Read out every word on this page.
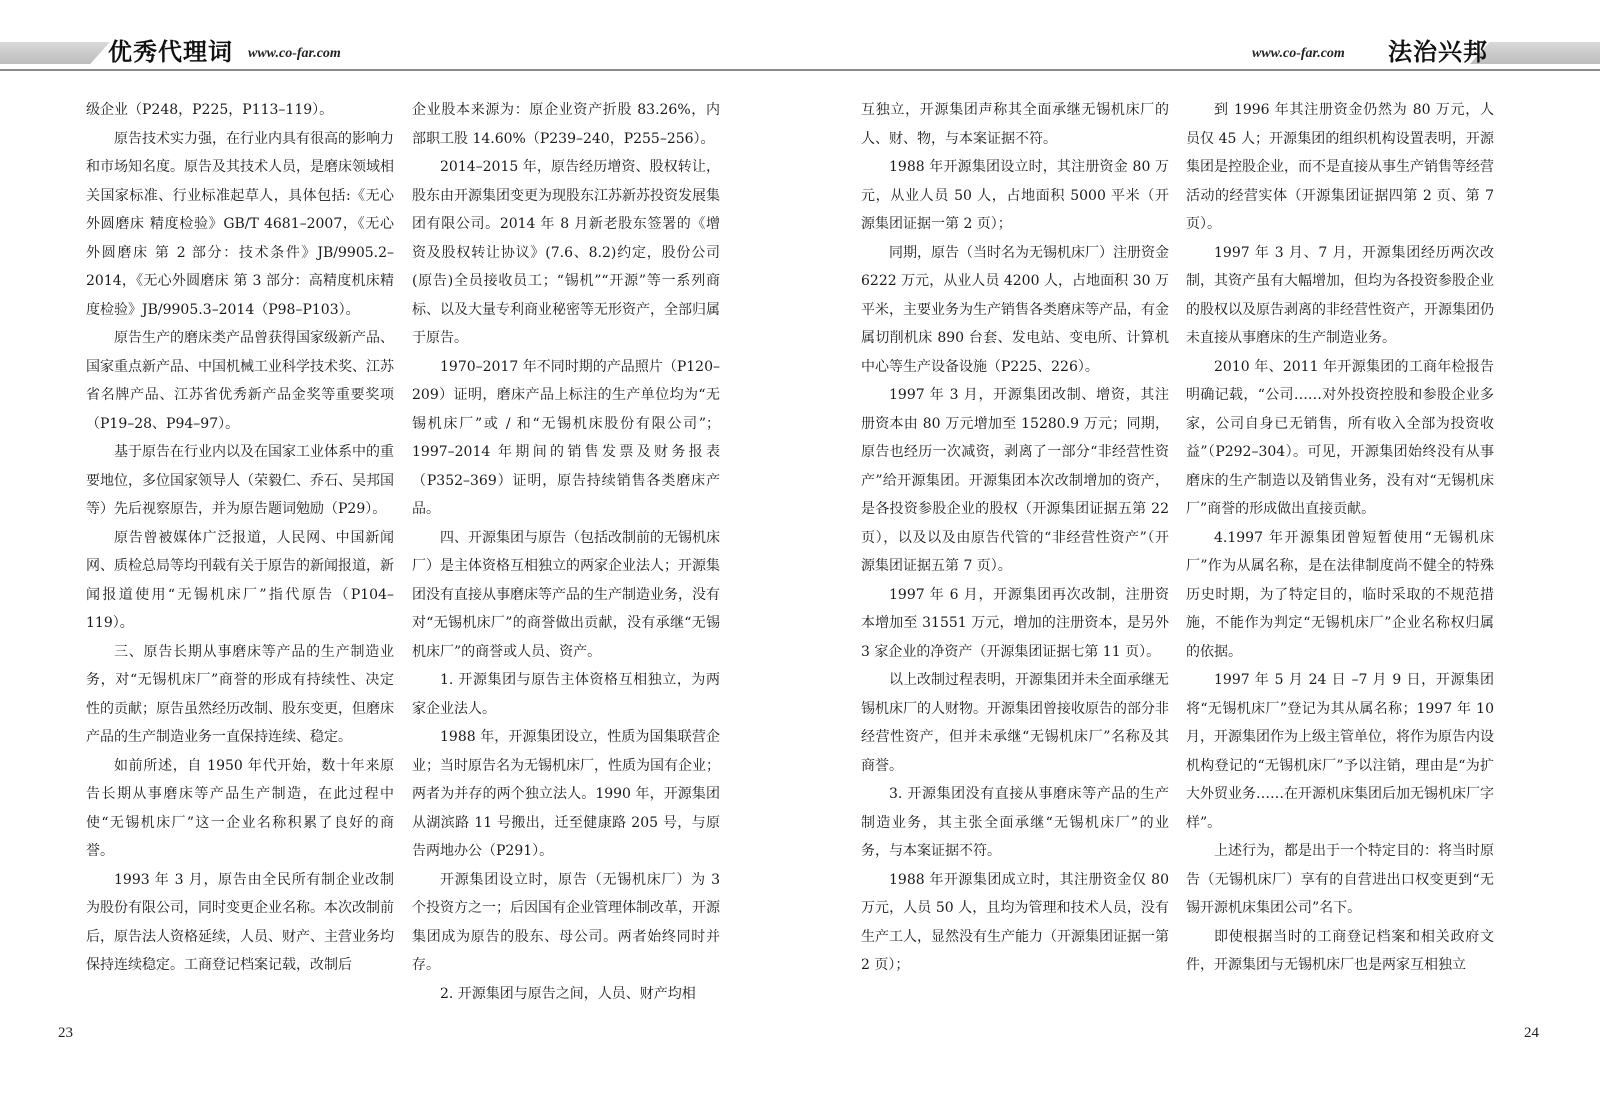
优秀代理词 www.co-far.com

级企业（P248，P225，P113–119）。

原告技术实力强，在行业内具有很高的影响力和市场知名度。原告及其技术人员，是磨床领域相关国家标准、行业标准起草人，具体包括:《无心外圆磨床 精度检验》GB/T 4681–2007，《无心外圆磨床 第 2 部分：技术条件》JB/9905.2–2014，《无心外圆磨床 第 3 部分：高精度机床精度检验》JB/9905.3–2014（P98–P103）。

原告生产的磨床类产品曾获得国家级新产品、国家重点新产品、中国机械工业科学技术奖、江苏省名牌产品、江苏省优秀新产品金奖等重要奖项（P19–28、P94–97）。

基于原告在行业内以及在国家工业体系中的重要地位，多位国家领导人（荣毅仁、乔石、吴邦国等）先后视察原告，并为原告题词勉励（P29）。

原告曾被媒体广泛报道，人民网、中国新闻网、质检总局等均刊载有关于原告的新闻报道，新闻报道使用“无锡机床厂”指代原告（P104–119）。

三、原告长期从事磨床等产品的生产制造业务，对“无锡机床厂”商誉的形成有持续性、决定性的贡献；原告虽然经历改制、股东变更，但磨床产品的生产制造业务一直保持连续、稳定。

如前所述，自 1950 年代开始，数十年来原告长期从事磨床等产品生产制造，在此过程中使“无锡机床厂”这一企业名称积累了良好的商誉。

1993 年 3 月，原告由全民所有制企业改制为股份有限公司，同时变更企业名称。本次改制前后，原告法人资格延续，人员、财产、主营业务均保持连续稳定。工商登记档案记载，改制后

企业股本来源为：原企业资产折股 83.26%，内部职工股 14.60%（P239–240，P255–256）。

2014–2015 年，原告经历增资、股权转让，股东由开源集团变更为现股东江苏新苏投资发展集团有限公司。2014 年 8 月新老股东签署的《增资及股权转让协议》(7.6、8.2)约定，股份公司(原告)全员接收员工；“锡机”“开源”等一系列商标、以及大量专利商业秘密等无形资产，全部归属于原告。

1970–2017 年不同时期的产品照片（P120–209）证明，磨床产品上标注的生产单位均为“无锡机床厂”或 / 和“无锡机床股份有限公司”；1997–2014 年期间的销售发票及财务报表（P352–369）证明，原告持续销售各类磨床产品。

四、开源集团与原告（包括改制前的无锡机床厂）是主体资格互相独立的两家企业法人；开源集团没有直接从事磨床等产品的生产制造业务，没有对“无锡机床厂”的商誉做出贡献，没有承继“无锡机床厂”的商誉或人员、资产。

1. 开源集团与原告主体资格互相独立，为两家企业法人。

1988 年，开源集团设立，性质为国集联营企业；当时原告名为无锡机床厂，性质为国有企业；两者为并存的两个独立法人。1990 年，开源集团从湖滨路 11 号搬出，迁至健康路 205 号，与原告两地办公（P291）。

开源集团设立时，原告（无锡机床厂）为 3 个投资方之一；后因国有企业管理体制改革，开源集团成为原告的股东、母公司。两者始终同时并存。

2. 开源集团与原告之间，人员、财产均相

23
www.co-far.com 法治兴邦

互独立，开源集团声称其全面承继无锡机床厂的人、财、物，与本案证据不符。

1988 年开源集团设立时，其注册资金 80 万元，从业人员 50 人，占地面积 5000 平米（开源集团证据一第 2 页）；

同期，原告（当时名为无锡机床厂）注册资金 6222 万元，从业人员 4200 人，占地面积 30 万平米，主要业务为生产销售各类磨床等产品，有金属切削机床 890 台套、发电站、变电所、计算机中心等生产设备设施（P225、226）。

1997 年 3 月，开源集团改制、增资，其注册资本由 80 万元增加至 15280.9 万元；同期，原告也经历一次减资，剥离了一部分“非经营性资产”给开源集团。开源集团本次改制增加的资产，是各投资参股企业的股权（开源集团证据五第 22 页），以及以及由原告代管的“非经营性资产”（开源集团证据五第 7 页）。

1997 年 6 月，开源集团再次改制，注册资本增加至 31551 万元，增加的注册资本，是另外 3 家企业的净资产（开源集团证据七第 11 页）。

以上改制过程表明，开源集团并未全面承继无锡机床厂的人财物。开源集团曾接收原告的部分非经营性资产，但并未承继“无锡机床厂”名称及其商誉。

3. 开源集团没有直接从事磨床等产品的生产制造业务，其主张全面承继“无锡机床厂”的业务，与本案证据不符。

1988 年开源集团成立时，其注册资金仅 80 万元，人员 50 人，且均为管理和技术人员，没有生产工人，显然没有生产能力（开源集团证据一第 2 页）；

到 1996 年其注册资金仍然为 80 万元，人员仅 45 人；开源集团的组织机构设置表明，开源集团是控股企业，而不是直接从事生产销售等经营活动的经营实体（开源集团证据四第 2 页、第 7 页）。

1997 年 3 月、7 月，开源集团经历两次改制，其资产虽有大幅增加，但均为各投资参股企业的股权以及原告剥离的非经营性资产，开源集团仍未直接从事磨床的生产制造业务。

2010 年、2011 年开源集团的工商年检报告明确记载，“公司……对外投资控股和参股企业多家，公司自身已无销售，所有收入全部为投资收益”（P292–304）。可见，开源集团始终没有从事磨床的生产制造以及销售业务，没有对“无锡机床厂”商誉的形成做出直接贡献。

4.1997 年开源集团曾短暂使用“无锡机床厂”作为从属名称，是在法律制度尚不健全的特殊历史时期，为了特定目的，临时采取的不规范措施，不能作为判定“无锡机床厂”企业名称权归属的依据。

1997 年 5 月 24 日 –7 月 9 日，开源集团将“无锡机床厂”登记为其从属名称；1997 年 10 月，开源集团作为上级主管单位，将作为原告内设机构登记的“无锡机床厂”予以注销，理由是“为扩大外贸业务……在开源机床集团后加无锡机床厂字样”。

上述行为，都是出于一个特定目的：将当时原告（无锡机床厂）享有的自营进出口权变更到“无锡开源机床集团公司”名下。

即使根据当时的工商登记档案和相关政府文件，开源集团与无锡机床厂也是两家互相独立

24
